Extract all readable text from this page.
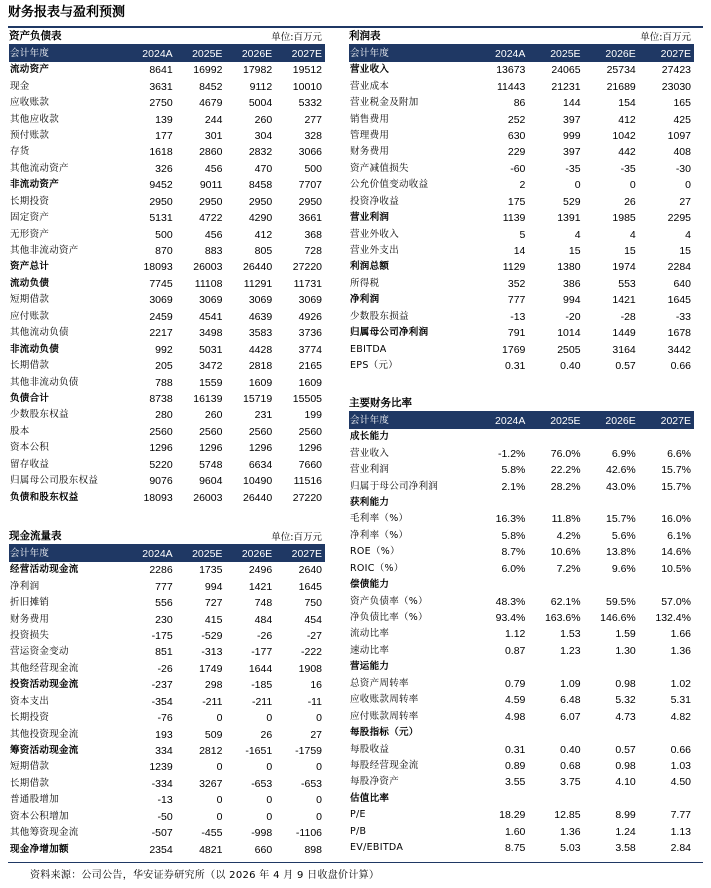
财务报表与盈利预测
资产负债表	单位:百万元
会计年度	2024A	2025E	2026E	2027E
流动资产	8641	16992	17982	19512
现金	3631	8452	9112	10010
应收账款	2750	4679	5004	5332
其他应收款	139	244	260	277
预付账款	177	301	304	328
存货	1618	2860	2832	3066
其他流动资产	326	456	470	500
非流动资产	9452	9011	8458	7707
长期投资	2950	2950	2950	2950
固定资产	5131	4722	4290	3661
无形资产	500	456	412	368
其他非流动资产	870	883	805	728
资产总计	18093	26003	26440	27220
流动负债	7745	11108	11291	11731
短期借款	3069	3069	3069	3069
应付账款	2459	4541	4639	4926
其他流动负债	2217	3498	3583	3736
非流动负债	992	5031	4428	3774
长期借款	205	3472	2818	2165
其他非流动负债	788	1559	1609	1609
负债合计	8738	16139	15719	15505
少数股东权益	280	260	231	199
股本	2560	2560	2560	2560
资本公积	1296	1296	1296	1296
留存收益	5220	5748	6634	7660
归属母公司股东权益	9076	9604	10490	11516
负债和股东权益	18093	26003	26440	27220
现金流量表	单位:百万元
会计年度	2024A	2025E	2026E	2027E
经营活动现金流	2286	1735	2496	2640
净利润	777	994	1421	1645
折旧摊销	556	727	748	750
财务费用	230	415	484	454
投资损失	-175	-529	-26	-27
营运资金变动	851	-313	-177	-222
其他经营现金流	-26	1749	1644	1908
投资活动现金流	-237	298	-185	16
资本支出	-354	-211	-211	-11
长期投资	-76	0	0	0
其他投资现金流	193	509	26	27
筹资活动现金流	334	2812	-1651	-1759
短期借款	1239	0	0	0
长期借款	-334	3267	-653	-653
普通股增加	-13	0	0	0
资本公积增加	-50	0	0	0
其他筹资现金流	-507	-455	-998	-1106
现金净增加额	2354	4821	660	898
利润表	单位:百万元
会计年度	2024A	2025E	2026E	2027E
营业收入	13673	24065	25734	27423
营业成本	11443	21231	21689	23030
营业税金及附加	86	144	154	165
销售费用	252	397	412	425
管理费用	630	999	1042	1097
财务费用	229	397	442	408
资产减值损失	-60	-35	-35	-30
公允价值变动收益	2	0	0	0
投资净收益	175	529	26	27
营业利润	1139	1391	1985	2295
营业外收入	5	4	4	4
营业外支出	14	15	15	15
利润总额	1129	1380	1974	2284
所得税	352	386	553	640
净利润	777	994	1421	1645
少数股东损益	-13	-20	-28	-33
归属母公司净利润	791	1014	1449	1678
EBITDA	1769	2505	3164	3442
EPS（元）	0.31	0.40	0.57	0.66
主要财务比率
会计年度	2024A	2025E	2026E	2027E
成长能力				
营业收入	-1.2%	76.0%	6.9%	6.6%
营业利润	5.8%	22.2%	42.6%	15.7%
归属于母公司净利润	2.1%	28.2%	43.0%	15.7%
获利能力				
毛利率（%）	16.3%	11.8%	15.7%	16.0%
净利率（%）	5.8%	4.2%	5.6%	6.1%
ROE（%）	8.7%	10.6%	13.8%	14.6%
ROIC（%）	6.0%	7.2%	9.6%	10.5%
偿债能力				
资产负债率（%）	48.3%	62.1%	59.5%	57.0%
净负债比率（%）	93.4%	163.6%	146.6%	132.4%
流动比率	1.12	1.53	1.59	1.66
速动比率	0.87	1.23	1.30	1.36
营运能力				
总资产周转率	0.79	1.09	0.98	1.02
应收账款周转率	4.59	6.48	5.32	5.31
应付账款周转率	4.98	6.07	4.73	4.82
每股指标（元）				
每股收益	0.31	0.40	0.57	0.66
每股经营现金流	0.89	0.68	0.98	1.03
每股净资产	3.55	3.75	4.10	4.50
估值比率				
P/E	18.29	12.85	8.99	7.77
P/B	1.60	1.36	1.24	1.13
EV/EBITDA	8.75	5.03	3.58	2.84
资料来源：公司公告，华安证券研究所（以 2026 年 4 月 9 日收盘价计算）
